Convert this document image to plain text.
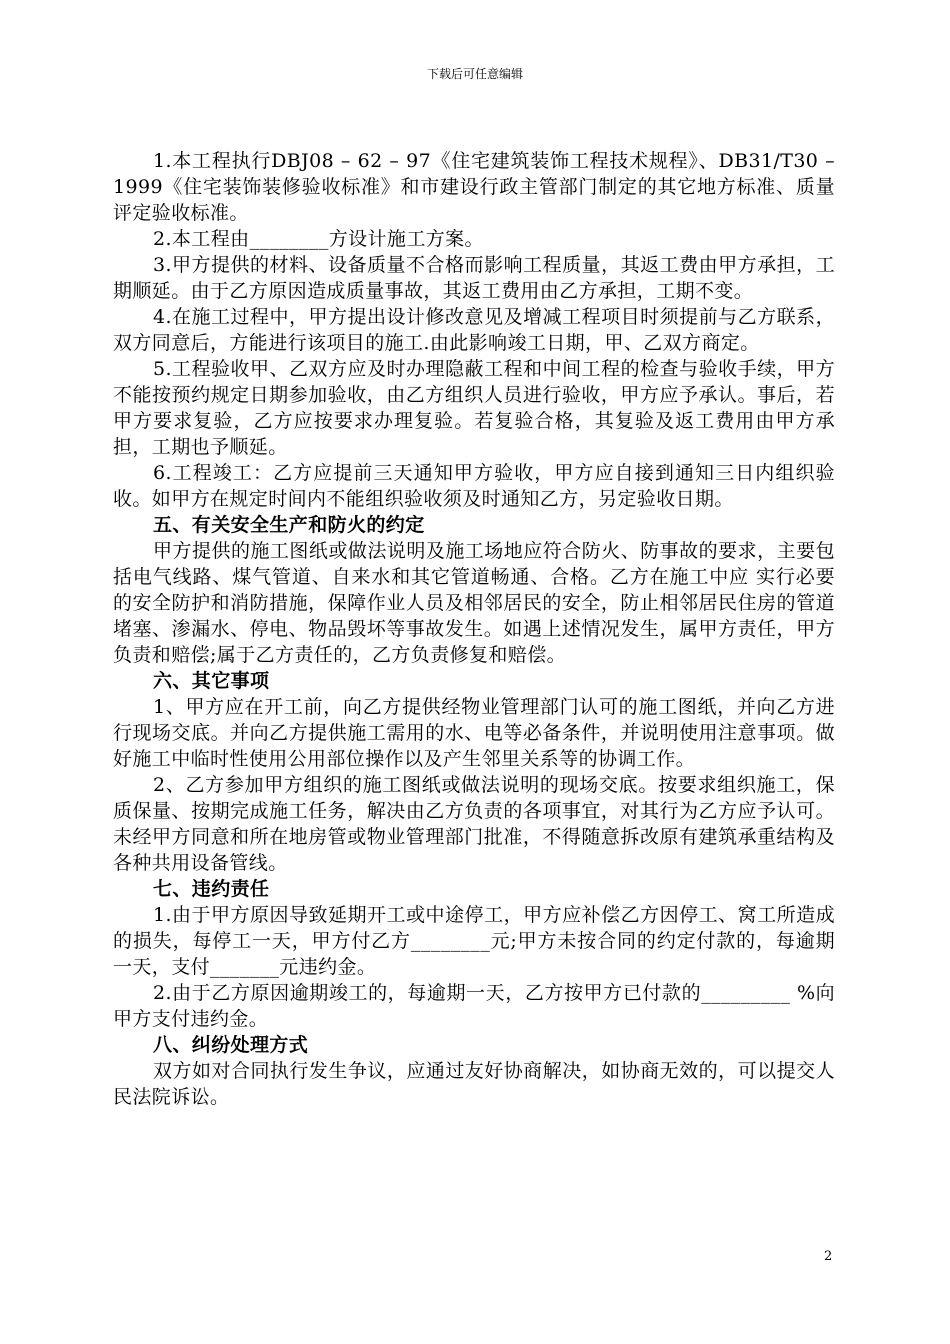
下载后可任意编辑

1.本工程执行DBJ08 – 62 – 97《住宅建筑装饰工程技术规程》、DB31/T30 –1999《住宅装饰装修验收标准》和市建设行政主管部门制定的其它地方标准、质量评定验收标准。

2.本工程由________方设计施工方案。

3.甲方提供的材料、设备质量不合格而影响工程质量，其返工费由甲方承担，工期顺延。由于乙方原因造成质量事故，其返工费用由乙方承担，工期不变。

4.在施工过程中，甲方提出设计修改意见及增减工程项目时须提前与乙方联系，双方同意后，方能进行该项目的施工.由此影响竣工日期，甲、乙双方商定。

5.工程验收甲、乙双方应及时办理隐蔽工程和中间工程的检查与验收手续，甲方不能按预约规定日期参加验收，由乙方组织人员进行验收，甲方应予承认。事后，若甲方要求复验，乙方应按要求办理复验。若复验合格，其复验及返工费用由甲方承担，工期也予顺延。

6.工程竣工：乙方应提前三天通知甲方验收，甲方应自接到通知三日内组织验收。如甲方在规定时间内不能组织验收须及时通知乙方，另定验收日期。

五、有关安全生产和防火的约定

甲方提供的施工图纸或做法说明及施工场地应符合防火、防事故的要求，主要包括电气线路、煤气管道、自来水和其它管道畅通、合格。乙方在施工中应 实行必要的安全防护和消防措施，保障作业人员及相邻居民的安全，防止相邻居民住房的管道堵塞、渗漏水、停电、物品毁坏等事故发生。如遇上述情况发生，属甲方责任，甲方负责和赔偿;属于乙方责任的，乙方负责修复和赔偿。

六、其它事项

1、甲方应在开工前，向乙方提供经物业管理部门认可的施工图纸，并向乙方进行现场交底。并向乙方提供施工需用的水、电等必备条件，并说明使用注意事项。做好施工中临时性使用公用部位操作以及产生邻里关系等的协调工作。

2、乙方参加甲方组织的施工图纸或做法说明的现场交底。按要求组织施工，保质保量、按期完成施工任务，解决由乙方负责的各项事宜，对其行为乙方应予认可。未经甲方同意和所在地房管或物业管理部门批准，不得随意拆改原有建筑承重结构及各种共用设备管线。

七、违约责任

1.由于甲方原因导致延期开工或中途停工，甲方应补偿乙方因停工、窝工所造成的损失，每停工一天，甲方付乙方________元;甲方未按合同的约定付款的，每逾期一天，支付_______元违约金。

2.由于乙方原因逾期竣工的，每逾期一天，乙方按甲方已付款的_________ %向甲方支付违约金。

八、纠纷处理方式

双方如对合同执行发生争议，应通过友好协商解决，如协商无效的，可以提交人民法院诉讼。

2
